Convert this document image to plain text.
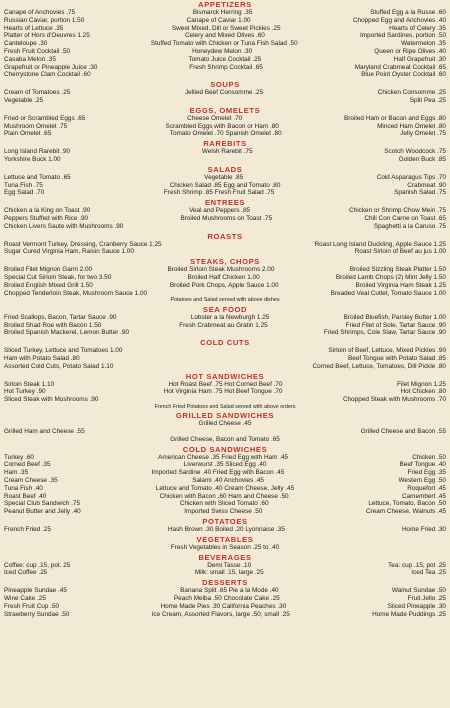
APPETIZERS
Canape of Anchovies .75	Bismarck Herring .35	Stuffed Egg a la Russe .60
Russian Caviar, portion 1.50	Canape of Caviar 1.00	Chopped Egg and Anchovies .40
Hearts of Lettuce .35	Sweet Mixed, Dill or Sweet Pickles .25	Hearts of Celery .35
Platter of Hors d'Oeuvres 1.25	Celery and Mixed Olives .60	Imported Sardines, portion .50
Canteloupe .30	Stuffed Tomato with Chicken or Tuna Fish Salad .50	Watermelon .35
Fresh Fruit Cocktail .50	Honeydew Melon .30	Queen or Ripe Olives .40
Casaba Melon .35	Tomato Juice Cocktail .25	Half Grapefruit .30
Grapefruit or Pineapple Juice .30	Fresh Shrimp Cocktail .65	Maryland Crabmeat Cocktail .65
Cherrystone Clam Cocktail .60	Blue Point Oyster Cocktail .60
SOUPS
Cream of Tomatoes .25	Jellied Beef Consomme .25	Chicken Consomme .25
Vegetable .25	Split Pea .25
EGGS, OMELETS
Fried or Scrambled Eggs .65	Cheese Omelet .70	Broiled Ham or Bacon and Eggs .80
Mushroom Omelet .75	Scrambled Eggs with Bacon or Ham .80	Minced Ham Omelet .80
Plain Omelet .65	Tomato Omelet .70 Spanish Omelet .80	Jelly Omelet .75
RAREBITS
Long Island Rarebit .90	Welsh Rarebit .75	Scotch Woodcock .75
Yorkshire Buck 1.00	Golden Buck .85
SALADS
Lettuce and Tomato .65	Vegetable .85	Cold Asparagus Tips .70
Tuna Fish .75	Chicken Salad .85 Egg and Tomato .80	Crabmeat .90
Egg Salad .70	Fresh Shrimp .85 Fresh Fruit Salad .75	Spanish Salad .75
ENTREES
Chicken a la King on Toast .90	Veal and Peppers .85	Chicken or Shrimp Chow Mein .75
Peppers Stuffed with Rice .90	Broiled Mushrooms on Toast .75	Chili Con Carne on Toast .65
Chicken Livers Saute with Mushrooms .90	Spaghetti a la Caruso .75
ROASTS
Roast Vermont Turkey, Dressing, Cranberry Sauce 1.25	Roast Long Island Duckling, Apple Sauce 1.25
Sugar Cured Virginia Ham, Raisin Sauce 1.00	Roast Sirloin of Beef au jus 1.00
STEAKS, CHOPS
Broiled Filet Mignon Garni 2.00	Broiled Sirloin Steak Mushrooms 2.00	Broiled Sizzling Steak Platter 1.50
Special Cut Sirloin Steak, for two 3.50	Broiled Half Chicken 1.00	Broiled Lamb Chops (2) Mint Jelly 1.50
Broiled English Mixed Grill 1.50	Broiled Pork Chops, Apple Sauce 1.00	Broiled Virginia Ham Steak 1.25
Chopped Tenderloin Steak, Mushroom Sauce 1.00	Breaded Veal Cutlet, Tomato Sauce 1.00
Potatoes and Salad served with above dishes
SEA FOOD
Fried Scallops, Bacon, Tartar Sauce .90	Lobster a la Newburgh 1.25	Broiled Bluefish, Parsley Butter 1.00
Broiled Shad Roe with Bacon 1.50	Fresh Crabmeat au Gratin 1.25	Fried Filet of Sole, Tartar Sauce .90
Broiled Spanish Mackerel, Lemon Butter .90	Fried Shrimps, Cole Slaw, Tartar Sauce .90
COLD CUTS
Sliced Turkey, Lettuce and Tomatoes 1.00	Sirloin of Beef, Lettuce, Mixed Pickles .90
Ham with Potato Salad .80	Beef Tongue with Potato Salad .85
Assorted Cold Cuts, Potato Salad 1.10	Corned Beef, Lettuce, Tomatoes, Dill Pickle .80
HOT SANDWICHES
Sirloin Steak 1.10	Hot Roast Beef .75 Hot Corned Beef .70	Filet Mignon 1.25
Hot Turkey .90	Hot Virginia Ham .75 Hot Beef Tongue .70	Hot Chicken .80
Sliced Steak with Mushrooms .90	Chopped Steak with Mushrooms .70
French Fried Potatoes and Salad served with above orders
GRILLED SANDWICHES
Grilled Cheese .45
Grilled Ham and Cheese .55	Grilled Cheese and Bacon .55
Grilled Cheese, Bacon and Tomato .65
COLD SANDWICHES
Turkey .60	American Cheese .35 Fried Egg with Ham .45	Chicken .50
Corned Beef .35	Liverwurst .35 Sliced Egg .40	Beef Tongue .40
Ham .35	Imported Sardine .40 Fried Egg with Bacon .45	Fried Egg .35
Cream Cheese .35	Salami .40 Anchovies .45	Western Egg .50
Tuna Fish .40	Lettuce and Tomato .40 Cream Cheese, Jelly .45	Roquefort .45
Roast Beef .40	Chicken with Bacon .60 Ham and Cheese .50	Camembert .45
Special Club Sandwich .75	Chicken with Sliced Tomato .60	Lettuce, Tomato, Bacon .50
Peanut Butter and Jelly .40	Imported Swiss Cheese .50	Cream Cheese, Walnuts .45
POTATOES
French Fried .25	Hash Brown .30 Boiled .20 Lyonnaise .35	Home Fried .30
VEGETABLES
Fresh Vegetables in Season .25 to .40
BEVERAGES
Coffee: cup .15, pot. 25	Demi Tasse .10	Tea: cup .15, pot .25
Iced Coffee .25	Milk: small .15, large .25	Iced Tea .25
DESSERTS
Pineapple Sundae .45	Banana Split .65 Pie a la Mode .40	Walnut Sundae .50
Wine Cake .25	Peach Melba .50 Chocolate Cake .25	Fruit Jello .25
Fresh Fruit Cup .50	Home Made Pies .30 California Peaches .30	Sliced Pineapple .30
Strawberry Sundae .50	Ice Cream, Assorted Flavors, large .50; small .25	Home Made Puddings .25
